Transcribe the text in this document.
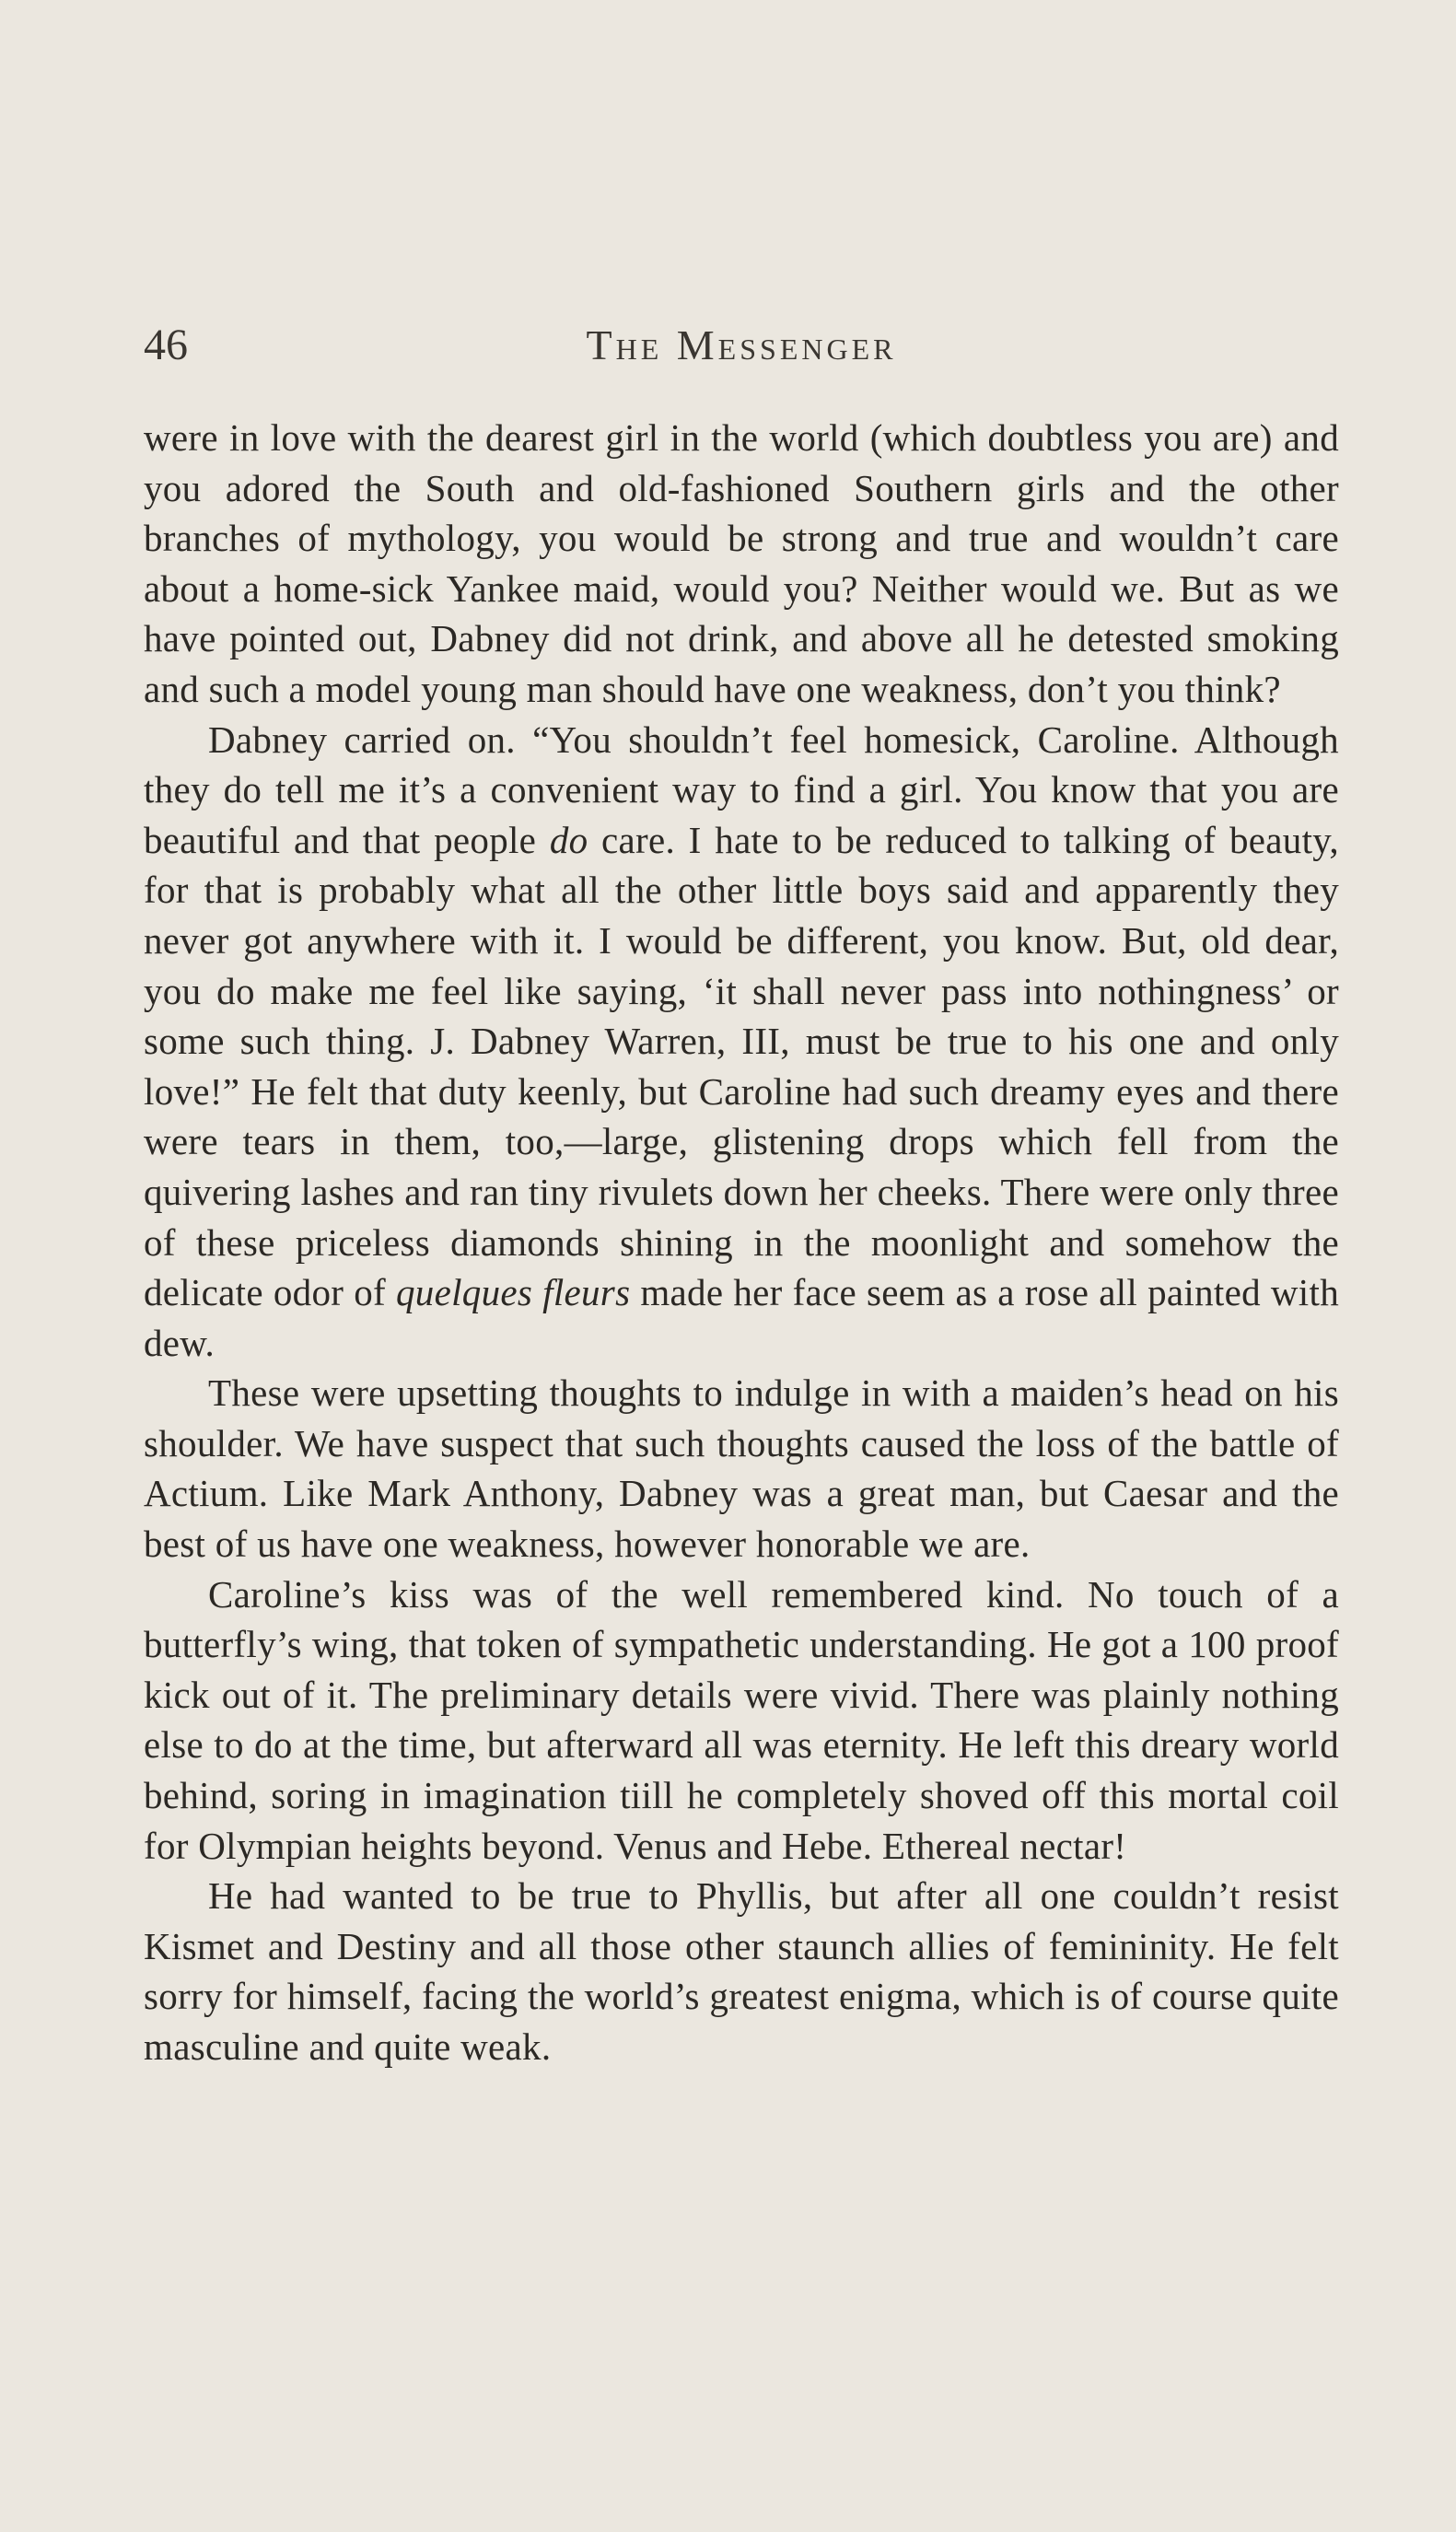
46	The Messenger

were in love with the dearest girl in the world (which doubtless you are) and you adored the South and old-fashioned Southern girls and the other branches of mythology, you would be strong and true and wouldn’t care about a home-sick Yankee maid, would you? Neither would we. But as we have pointed out, Dabney did not drink, and above all he detested smoking and such a model young man should have one weakness, don’t you think?

Dabney carried on. “You shouldn’t feel homesick, Caroline. Although they do tell me it’s a convenient way to find a girl. You know that you are beautiful and that people do care. I hate to be reduced to talking of beauty, for that is probably what all the other little boys said and apparently they never got anywhere with it. I would be different, you know. But, old dear, you do make me feel like saying, ‘it shall never pass into nothingness’ or some such thing. J. Dabney Warren, III, must be true to his one and only love!” He felt that duty keenly, but Caroline had such dreamy eyes and there were tears in them, too,—large, glistening drops which fell from the quivering lashes and ran tiny rivulets down her cheeks. There were only three of these priceless diamonds shining in the moonlight and somehow the delicate odor of quelques fleurs made her face seem as a rose all painted with dew.

These were upsetting thoughts to indulge in with a maiden’s head on his shoulder. We have suspect that such thoughts caused the loss of the battle of Actium. Like Mark Anthony, Dabney was a great man, but Caesar and the best of us have one weakness, however honorable we are.

Caroline’s kiss was of the well remembered kind. No touch of a butterfly’s wing, that token of sympathetic understanding. He got a 100 proof kick out of it. The preliminary details were vivid. There was plainly nothing else to do at the time, but afterward all was eternity. He left this dreary world behind, soring in imagination tiill he completely shoved off this mortal coil for Olympian heights beyond. Venus and Hebe. Ethereal nectar!

He had wanted to be true to Phyllis, but after all one couldn’t resist Kismet and Destiny and all those other staunch allies of femininity. He felt sorry for himself, facing the world’s greatest enigma, which is of course quite masculine and quite weak.
